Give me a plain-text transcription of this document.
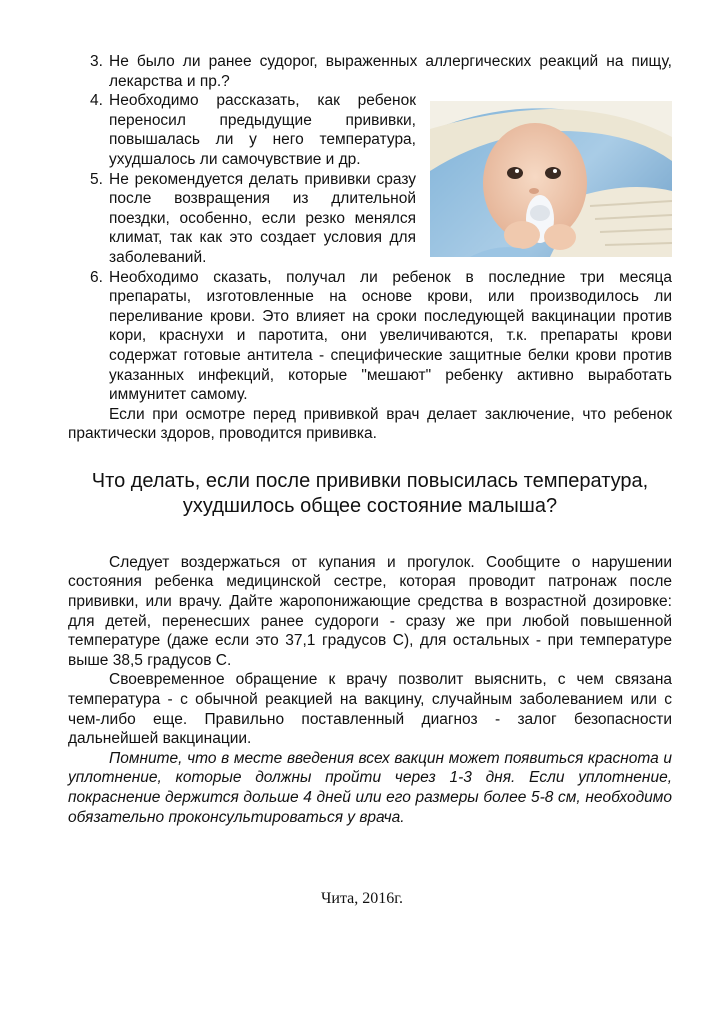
3. Не было ли ранее судорог, выраженных аллергических реакций на пищу, лекарства и пр.?
4. Необходимо рассказать, как ребенок переносил предыдущие прививки, повышалась ли у него температура, ухудшалось ли самочувствие и др.
5. Не рекомендуется делать прививки сразу после возвращения из длительной поездки, особенно, если резко менялся климат, так как это создает условия для заболеваний.
6. Необходимо сказать, получал ли ребенок в последние три месяца препараты, изготовленные на основе крови, или производилось ли переливание крови. Это влияет на сроки последующей вакцинации против кори, краснухи и паротита, они увеличиваются, т.к. препараты крови содержат готовые антитела - специфические защитные белки крови против указанных инфекций, которые "мешают" ребенку активно выработать иммунитет самому.

Если при осмотре перед прививкой врач делает заключение, что ребенок практически здоров, проводится прививка.

Что делать, если после прививки повысилась температура, ухудшилось общее состояние малыша?

Следует воздержаться от купания и прогулок. Сообщите о нарушении состояния ребенка медицинской сестре, которая проводит патронаж после прививки, или врачу. Дайте жаропонижающие средства в возрастной дозировке: для детей, перенесших ранее судороги - сразу же при любой повышенной температуре (даже если это 37,1 градусов С), для остальных - при температуре выше 38,5 градусов С.

Своевременное обращение к врачу позволит выяснить, с чем связана температура - с обычной реакцией на вакцину, случайным заболеванием или с чем-либо еще. Правильно поставленный диагноз - залог безопасности дальнейшей вакцинации.

Помните, что в месте введения всех вакцин может появиться краснота и уплотнение, которые должны пройти через 1-3 дня. Если уплотнение, покраснение держится дольше 4 дней или его размеры более 5-8 см, необходимо обязательно проконсультироваться у врача.

Чита, 2016г.
